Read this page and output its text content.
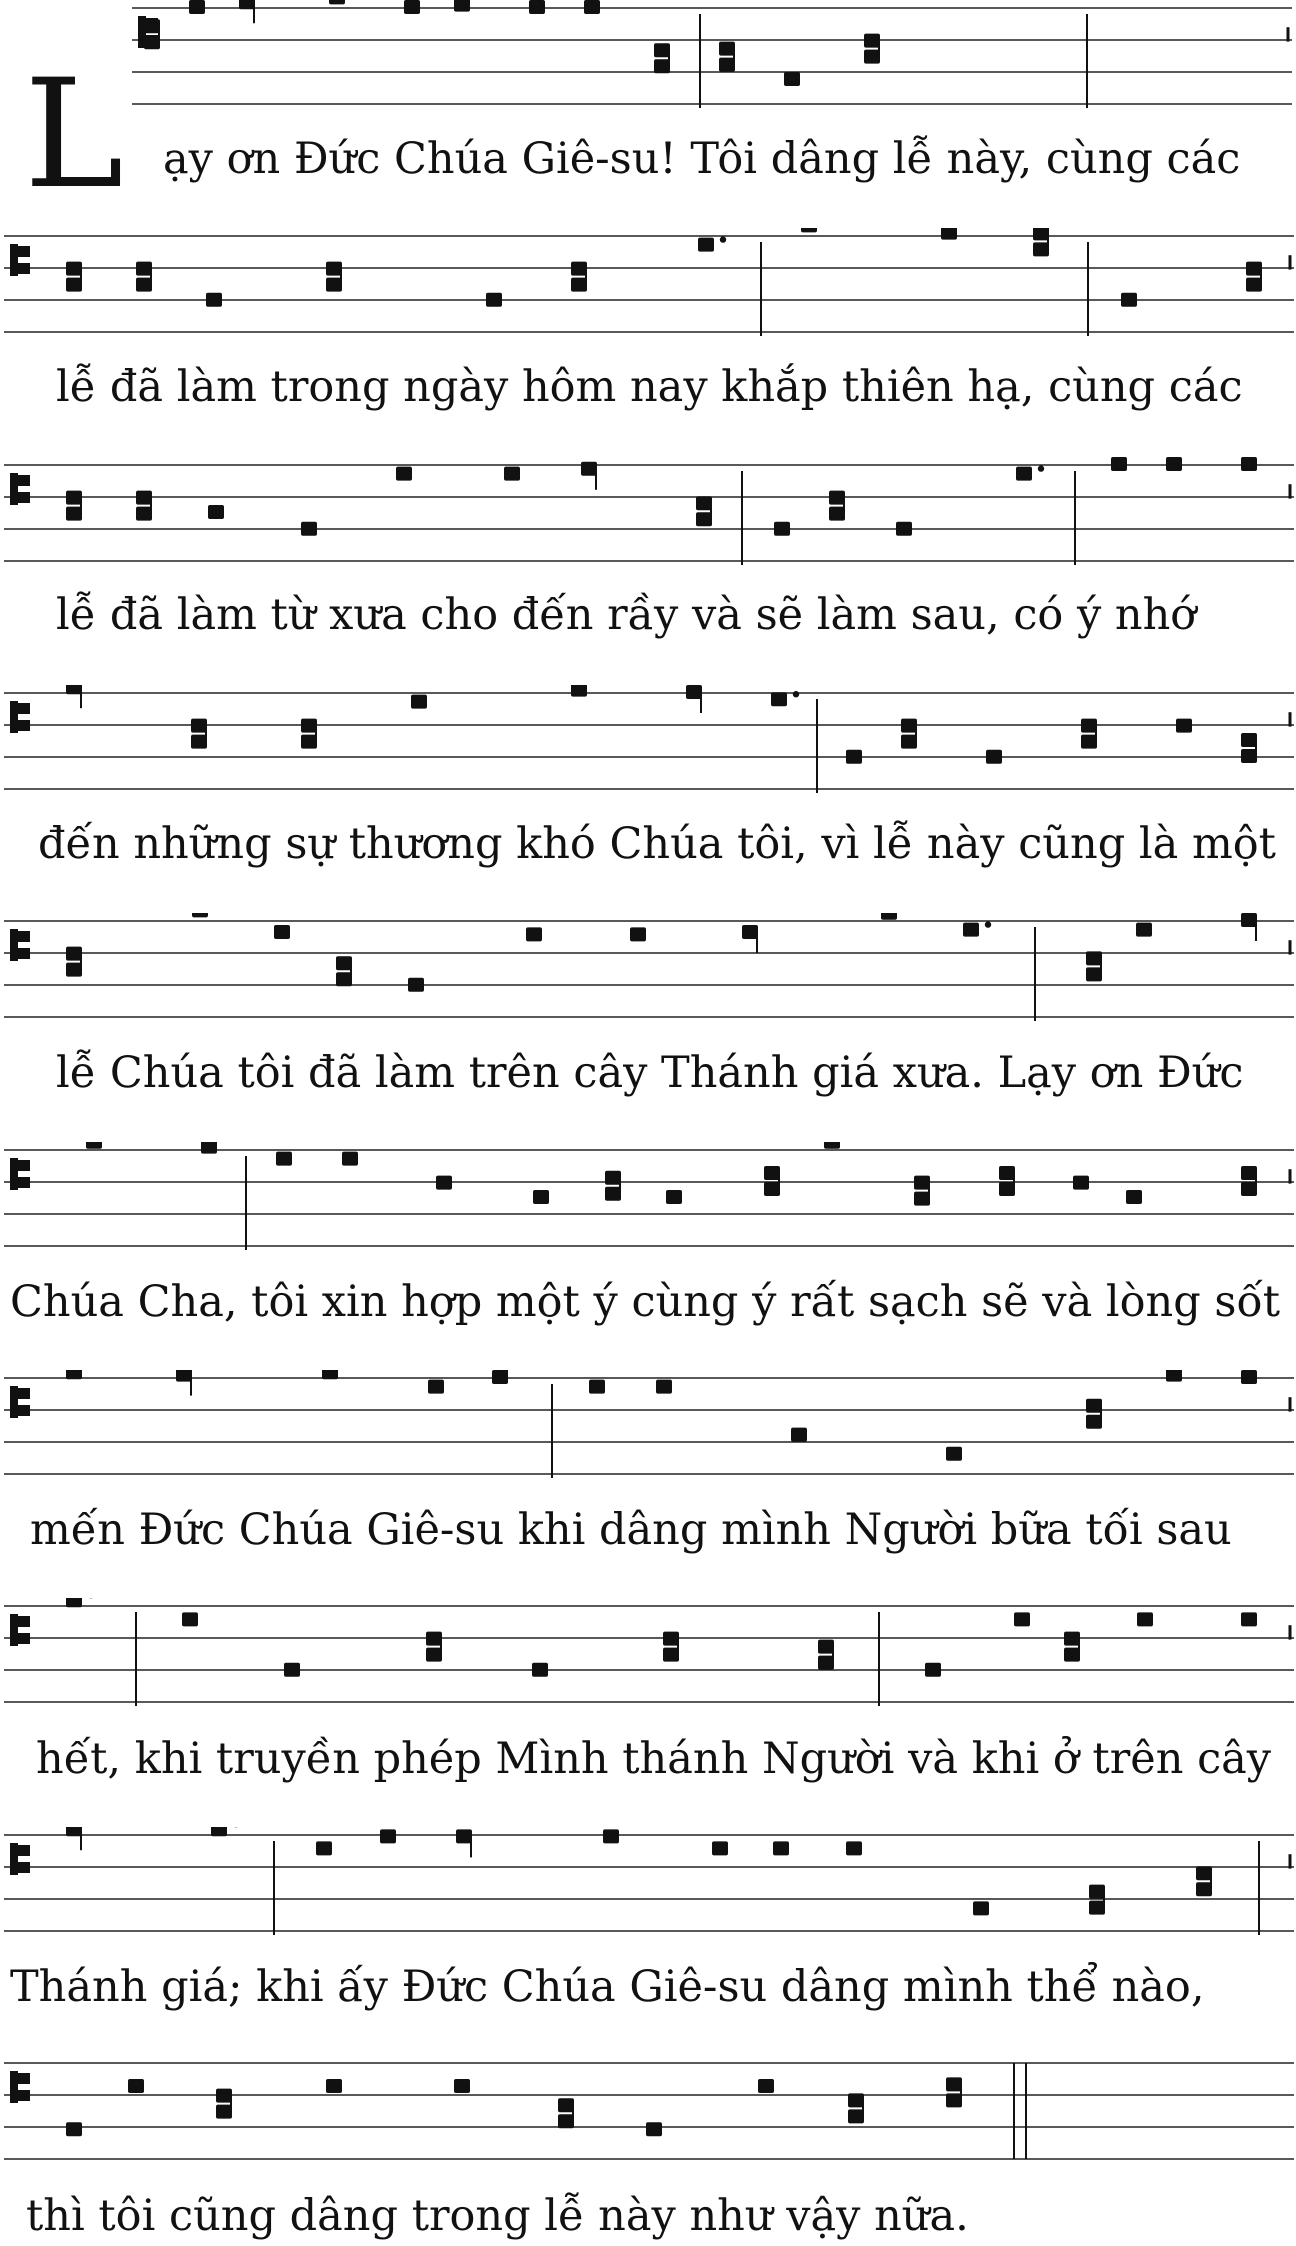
L ạy ơn Đức Chúa Giê-su! Tôi dâng lễ này, cùng các
lễ đã làm trong ngày hôm nay khắp thiên hạ, cùng các
lễ đã làm từ xưa cho đến rầy và sẽ làm sau, có ý nhớ
đến những sự thương khó Chúa tôi, vì lễ này cũng là một
lễ Chúa tôi đã làm trên cây Thánh giá xưa. Lạy ơn Đức
Chúa Cha, tôi xin hợp một ý cùng ý rất sạch sẽ và lòng sốt
mến Đức Chúa Giê-su khi dâng mình Người bữa tối sau
hết, khi truyền phép Mình thánh Người và khi ở trên cây
Thánh giá; khi ấy Đức Chúa Giê-su dâng mình thể nào,
thì tôi cũng dâng trong lễ này như vậy nữa.
